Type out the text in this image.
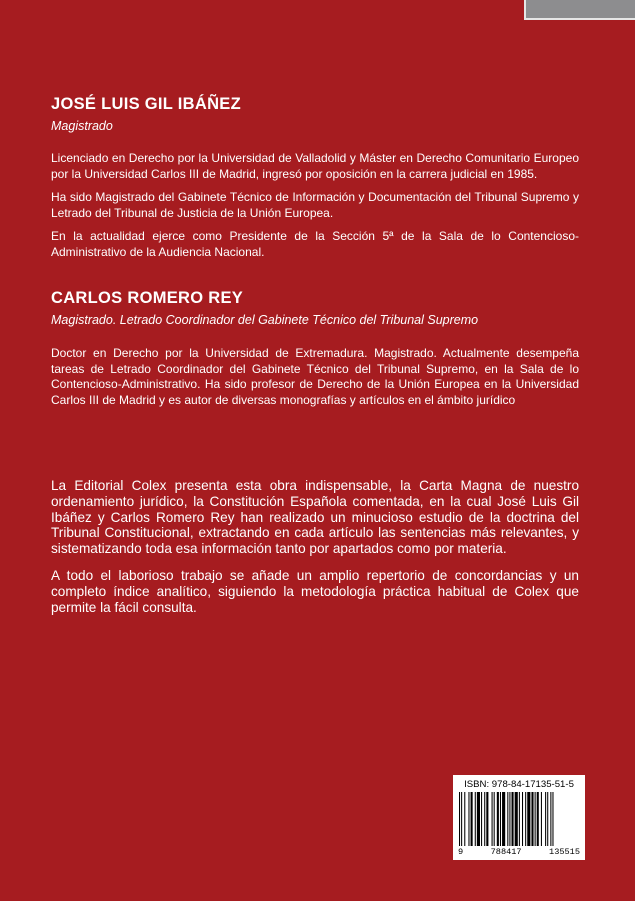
JOSÉ LUIS GIL IBÁÑEZ

Magistrado

Licenciado en Derecho por la Universidad de Valladolid y Máster en Derecho Comunitario Europeo por la Universidad Carlos III de Madrid, ingresó por oposición en la carrera judicial en 1985.

Ha sido Magistrado del Gabinete Técnico de Información y Documentación del Tribunal Supremo y Letrado del Tribunal de Justicia de la Unión Europea.

En la actualidad ejerce como Presidente de la Sección 5ª de la Sala de lo Contencioso-Administrativo de la Audiencia Nacional.

CARLOS ROMERO REY

Magistrado. Letrado Coordinador del Gabinete Técnico del Tribunal Supremo

Doctor en Derecho por la Universidad de Extremadura. Magistrado. Actualmente desempeña tareas de Letrado Coordinador del Gabinete Técnico del Tribunal Supremo, en la Sala de lo Contencioso-Administrativo. Ha sido profesor de Derecho de la Unión Europea en la Universidad Carlos III de Madrid y es autor de diversas monografías y artículos en el ámbito jurídico

La Editorial Colex presenta esta obra indispensable, la Carta Magna de nuestro ordenamiento jurídico, la Constitución Española comentada, en la cual José Luis Gil Ibáñez y Carlos Romero Rey han realizado un minucioso estudio de la doctrina del Tribunal Constitucional, extractando en cada artículo las sentencias más relevantes, y sistematizando toda esa información tanto por apartados como por materia.

A todo el laborioso trabajo se añade un amplio repertorio de concordancias y un completo índice analítico, siguiendo la metodología práctica habitual de Colex que permite la fácil consulta.

ISBN: 978-84-17135-51-5

9	788417	135515
